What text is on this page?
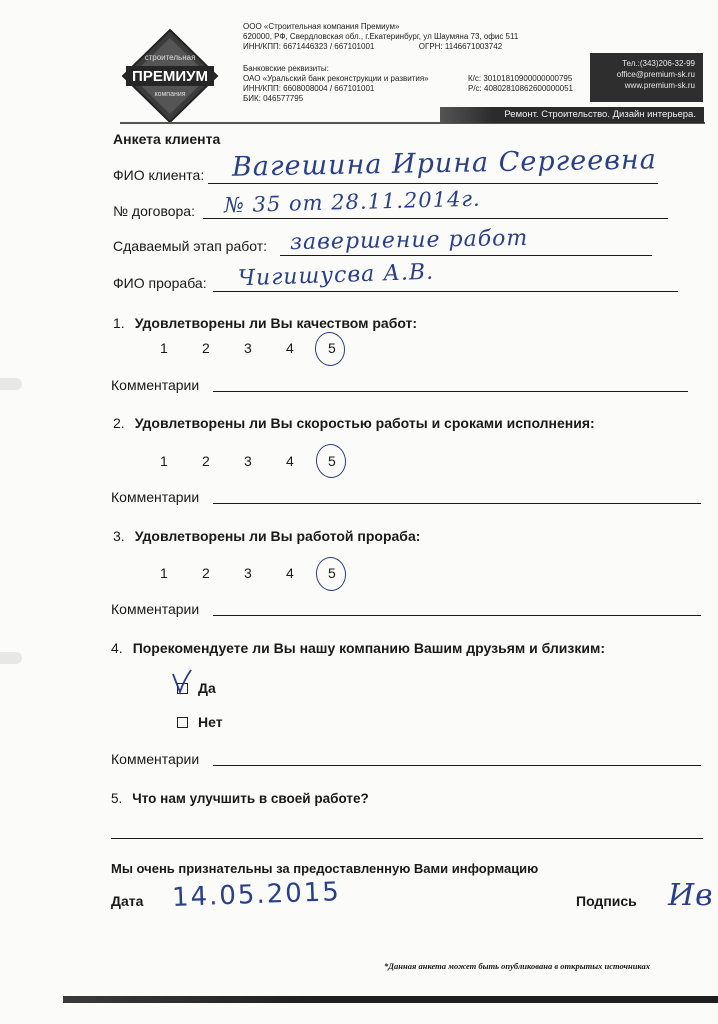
строительная
ПРЕМИУМ
компания
ООО «Строительная компания Премиум»
620000, РФ, Свердловская обл., г.Екатеринбург, ул Шаумяна 73, офис 511
ИНН/КПП: 6671446323 / 667101001                    ОГРН: 1146671003742
Банковские реквизиты:
ОАО «Уральский банк реконструкции и развития»
ИНН/КПП: 6608008004 / 667101001
БИК: 046577795
К/с: 30101810900000000795
Р/с: 40802810862600000051
Тел.:(343)206-32-99
office@premium-sk.ru
www.premium-sk.ru
Ремонт. Строительство. Дизайн интерьера.
Анкета клиента
ФИО клиента: Вагешина Ирина Сергеевна
№ договора: № 35 от 28.11.2014г.
Сдаваемый этап работ: завершение работ
ФИО прораба: Чигишусва А.В.
1. Удовлетворены ли Вы качеством работ:
1 2 3 4 5
Комментарии
2. Удовлетворены ли Вы скоростью работы и сроками исполнения:
1 2 3 4 5
Комментарии
3. Удовлетворены ли Вы работой прораба:
1 2 3 4 5
Комментарии
4. Порекомендуете ли Вы нашу компанию Вашим друзьям и близким:
Да
Нет
Комментарии
5. Что нам улучшить в своей работе?
Мы очень признательны за предоставленную Вами информацию
Дата 14.05.2015	Подпись Ив
*Данная анкета может быть опубликована в открытых источниках
